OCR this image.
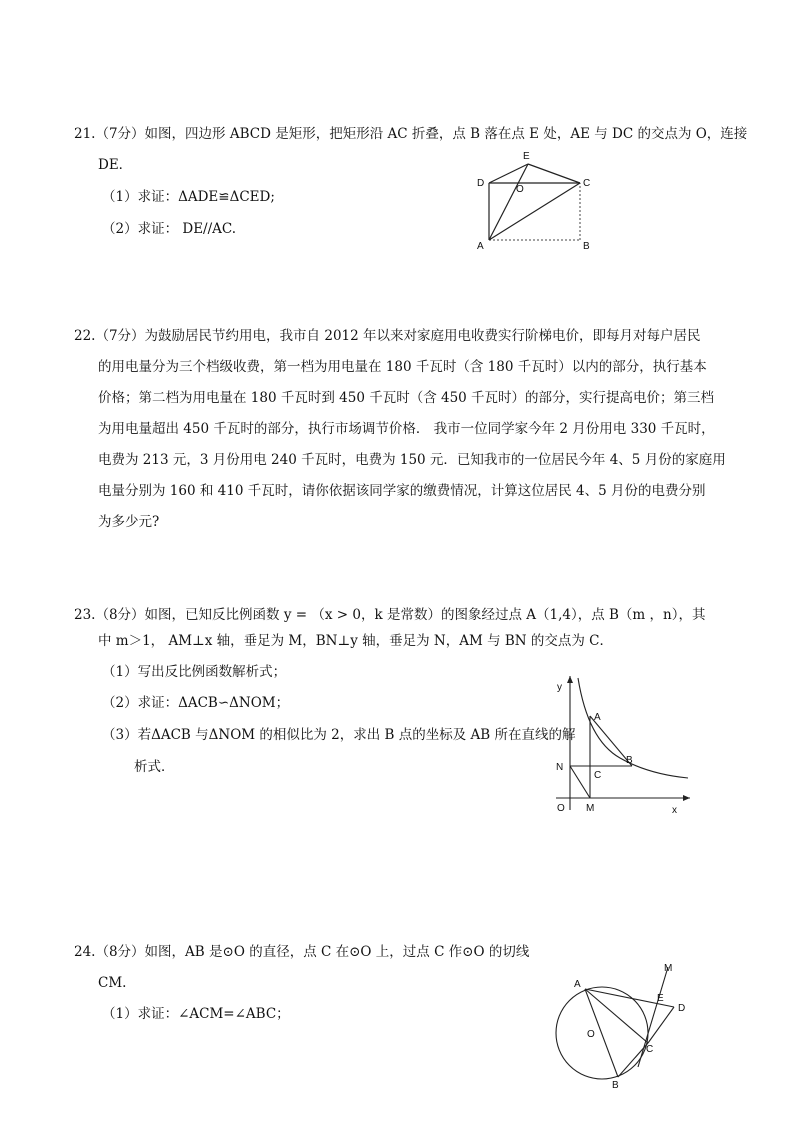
21.（7分）如图，四边形 ABCD 是矩形，把矩形沿 AC 折叠，点 B 落在点 E 处，AE 与 DC 的交点为 O，连接
DE．
（1）求证：ΔADE≌ΔCED;
（2）求证： DE//AC.
E
D
O
C
A	B
22.（7分）为鼓励居民节约用电，我市自 2012 年以来对家庭用电收费实行阶梯电价，即每月对每户居民
的用电量分为三个档级收费，第一档为用电量在 180 千瓦时（含 180 千瓦时）以内的部分，执行基本
价格；第二档为用电量在 180 千瓦时到 450 千瓦时（含 450 千瓦时）的部分，实行提高电价；第三档
为用电量超出 450 千瓦时的部分，执行市场调节价格． 我市一位同学家今年 2 月份用电 330 千瓦时，
电费为 213 元，3 月份用电 240 千瓦时，电费为 150 元．已知我市的一位居民今年 4、5 月份的家庭用
电量分别为 160 和 410 千瓦时，请你依据该同学家的缴费情况，计算这位居民 4、5 月份的电费分别
为多少元?
23.（8分）如图，已知反比例函数 y = （x > 0，k 是常数）的图象经过点 A（1,4），点 B（m ，n），其
中 m＞1， AM⊥x 轴，垂足为 M，BN⊥y 轴，垂足为 N，AM 与 BN 的交点为 C．
（1）写出反比例函数解析式；
（2）求证：ΔACB∽ΔNOM；
（3）若ΔACB 与ΔNOM 的相似比为 2，求出 B 点的坐标及 AB 所在直线的解
析式．
y
A
B
N
C
O M	x
24.（8分）如图，AB 是⊙O 的直径，点 C 在⊙O 上，过点 C 作⊙O 的切线
CM.
（1）求证：∠ACM=∠ABC；
M
A
E
D
O
C
B
